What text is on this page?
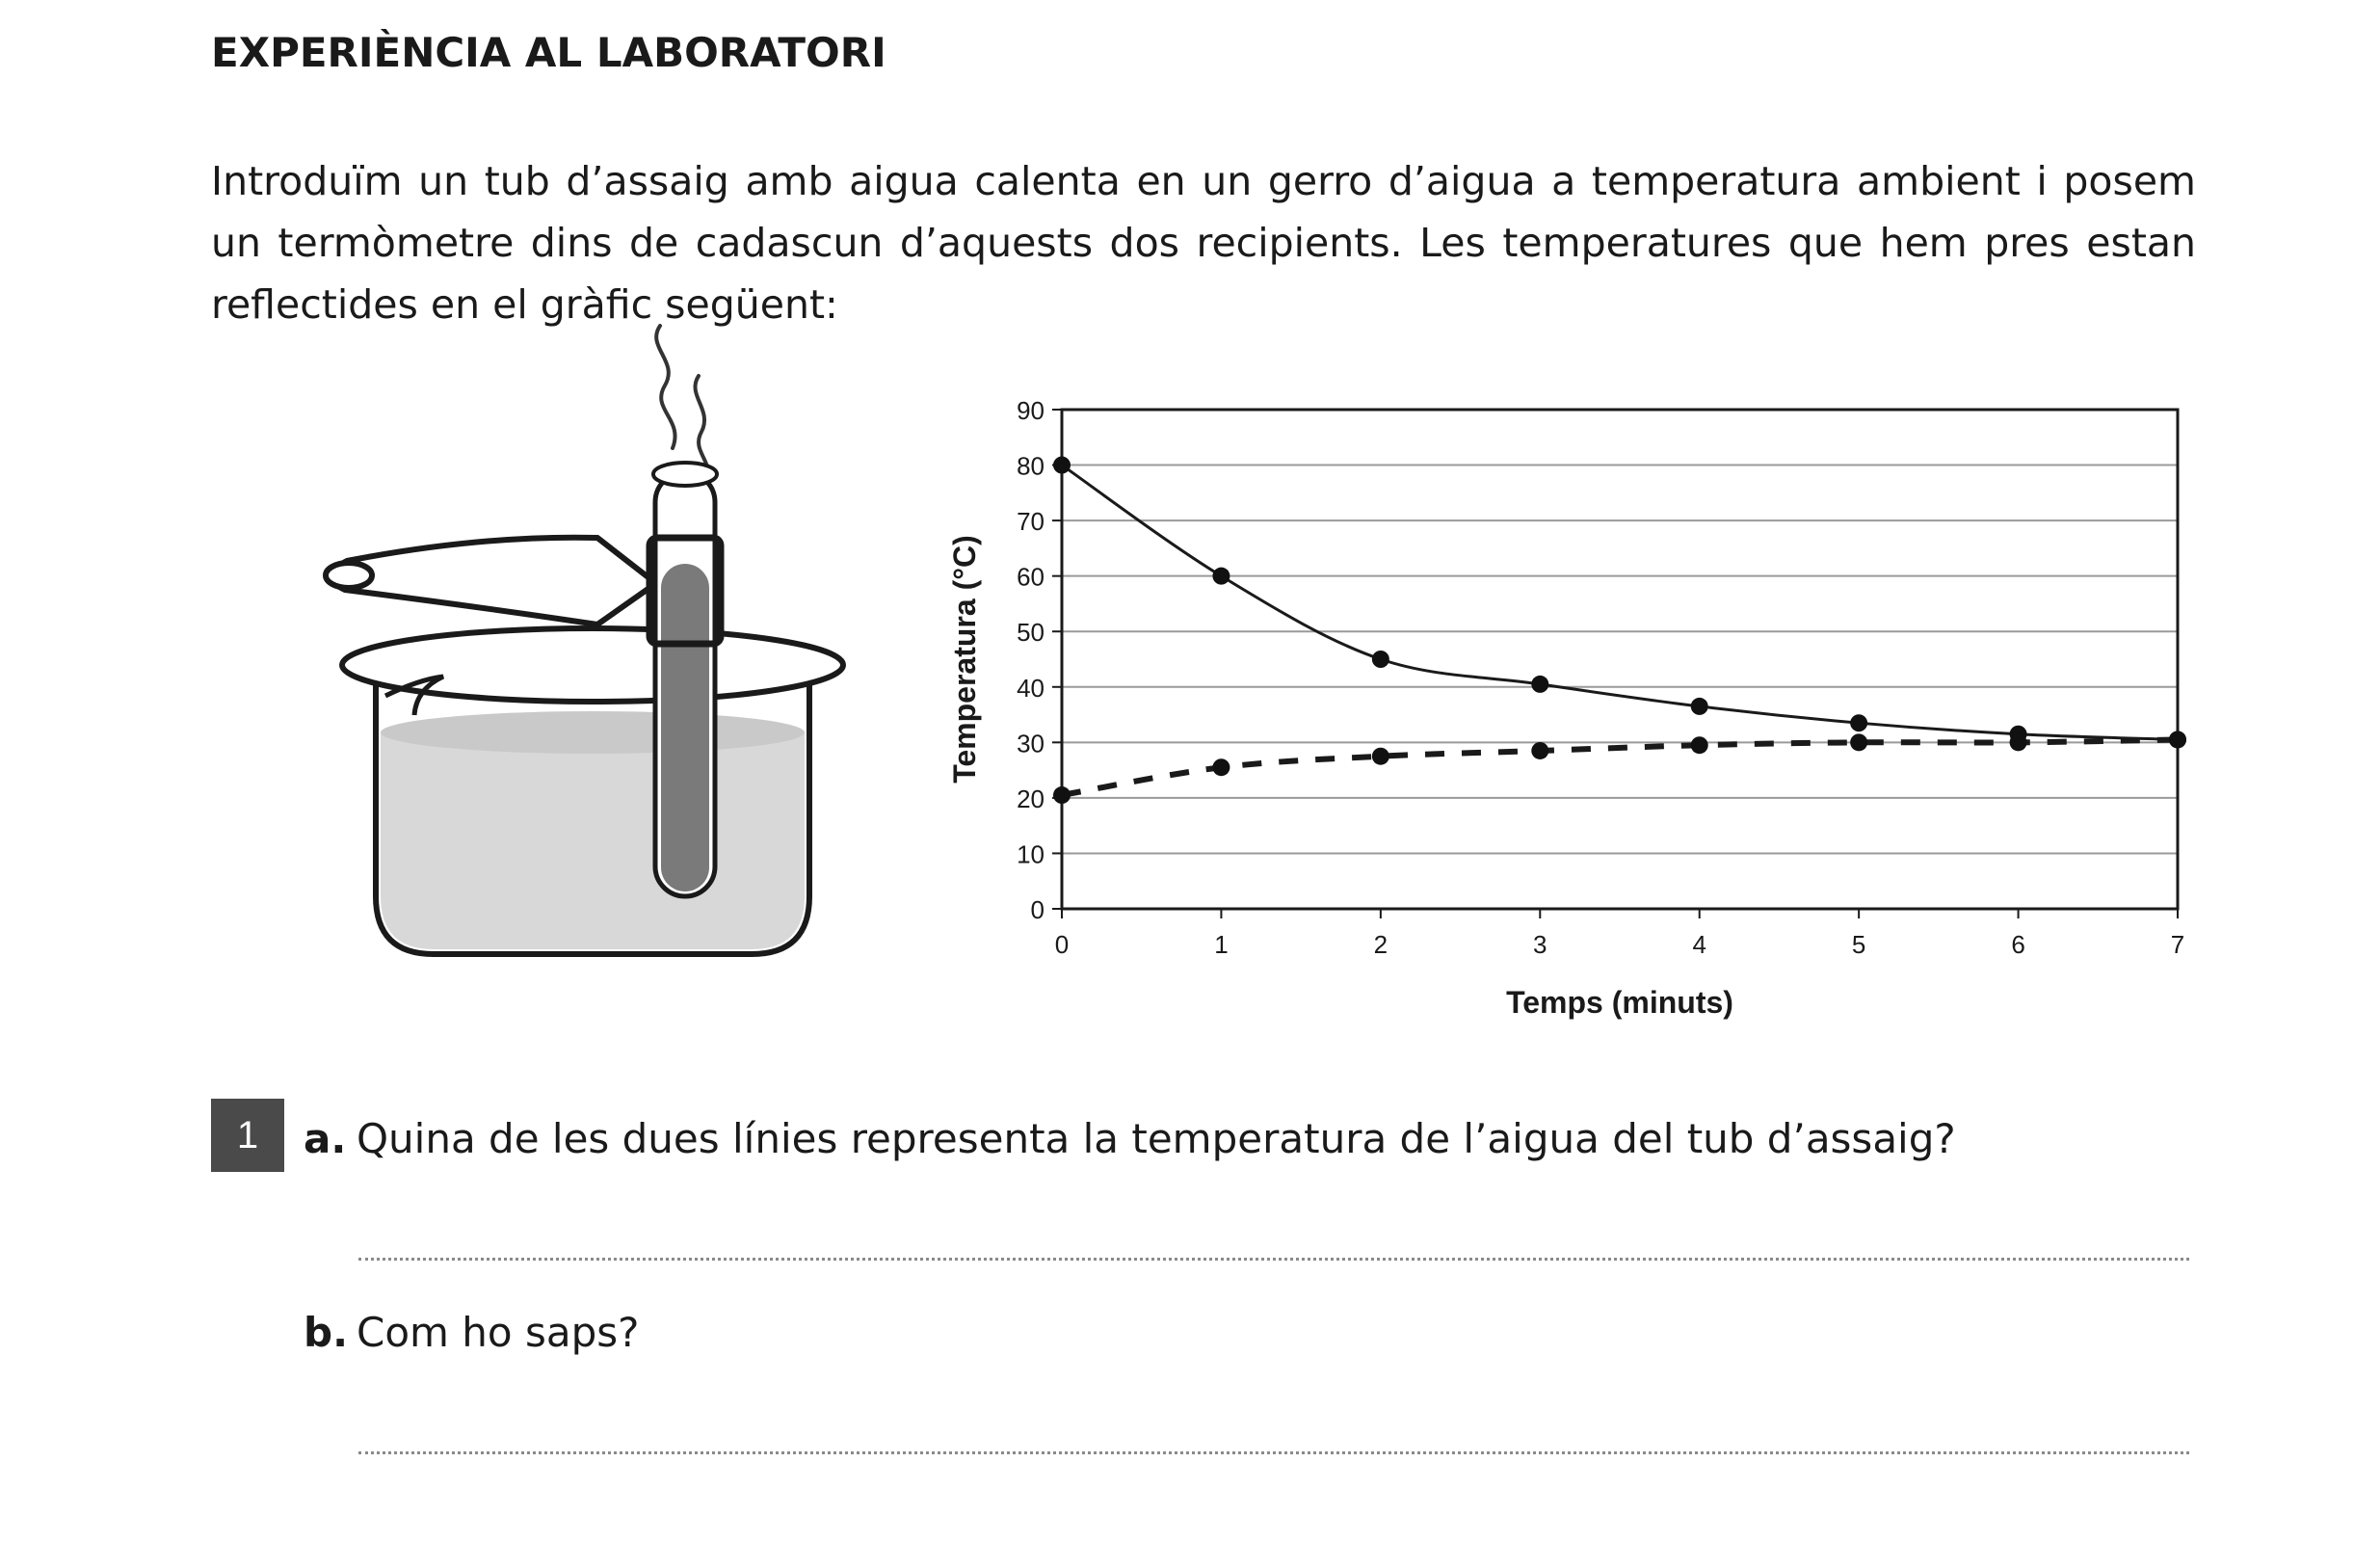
EXPERIÈNCIA AL LABORATORI

Introduïm un tub d’assaig amb aigua calenta en un gerro d’aigua a temperatura ambient i posem un termòmetre dins de cadascun d’aquests dos recipients. Les temperatures que hem pres estan reflectides en el gràfic següent:

0
10
20
30
40
50
60
70
80
90
0	1	2	3	4	5	6	7
Temps (minuts)
Temperatura (°C)
1	a. Quina de les dues línies representa la temperatura de l’aigua del tub d’assaig?
b. Com ho saps?
